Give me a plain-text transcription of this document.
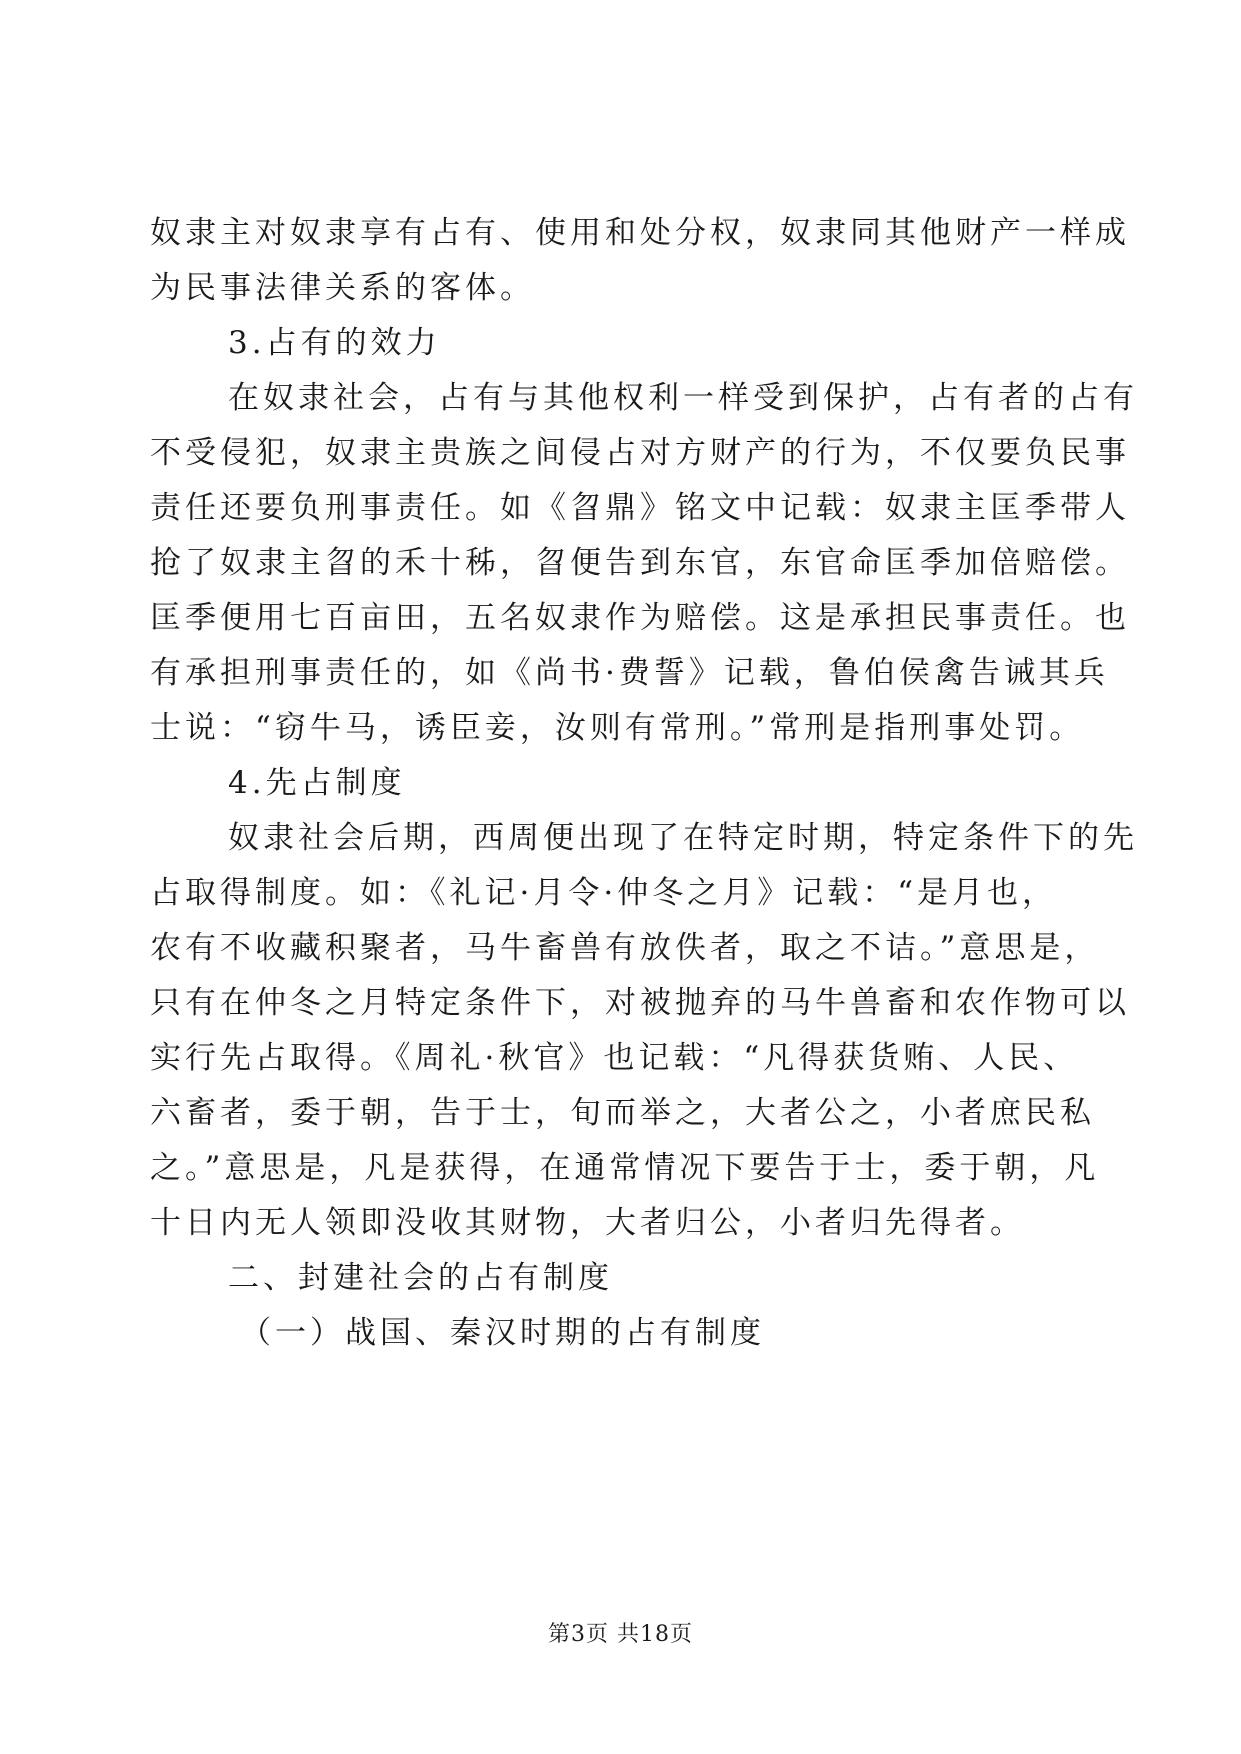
奴隶主对奴隶享有占有、使用和处分权，奴隶同其他财产一样成
为民事法律关系的客体。
3.占有的效力
在奴隶社会，占有与其他权利一样受到保护，占有者的占有
不受侵犯，奴隶主贵族之间侵占对方财产的行为，不仅要负民事
责任还要负刑事责任。如《曶鼎》铭文中记载：奴隶主匡季带人
抢了奴隶主曶的禾十秭，曶便告到东官，东官命匡季加倍赔偿。
匡季便用七百亩田，五名奴隶作为赔偿。这是承担民事责任。也
有承担刑事责任的，如《尚书·费誓》记载，鲁伯侯禽告诫其兵
士说：“窃牛马，诱臣妾，汝则有常刑。”常刑是指刑事处罚。
4.先占制度
奴隶社会后期，西周便出现了在特定时期，特定条件下的先
占取得制度。如：《礼记·月令·仲冬之月》记载：“是月也，
农有不收藏积聚者，马牛畜兽有放佚者，取之不诘。”意思是，
只有在仲冬之月特定条件下，对被抛弃的马牛兽畜和农作物可以
实行先占取得。《周礼·秋官》也记载：“凡得获货贿、人民、
六畜者，委于朝，告于士，旬而举之，大者公之，小者庶民私
之。”意思是，凡是获得，在通常情况下要告于士，委于朝，凡
十日内无人领即没收其财物，大者归公，小者归先得者。
二、封建社会的占有制度
（一）战国、秦汉时期的占有制度
第3页 共18页
